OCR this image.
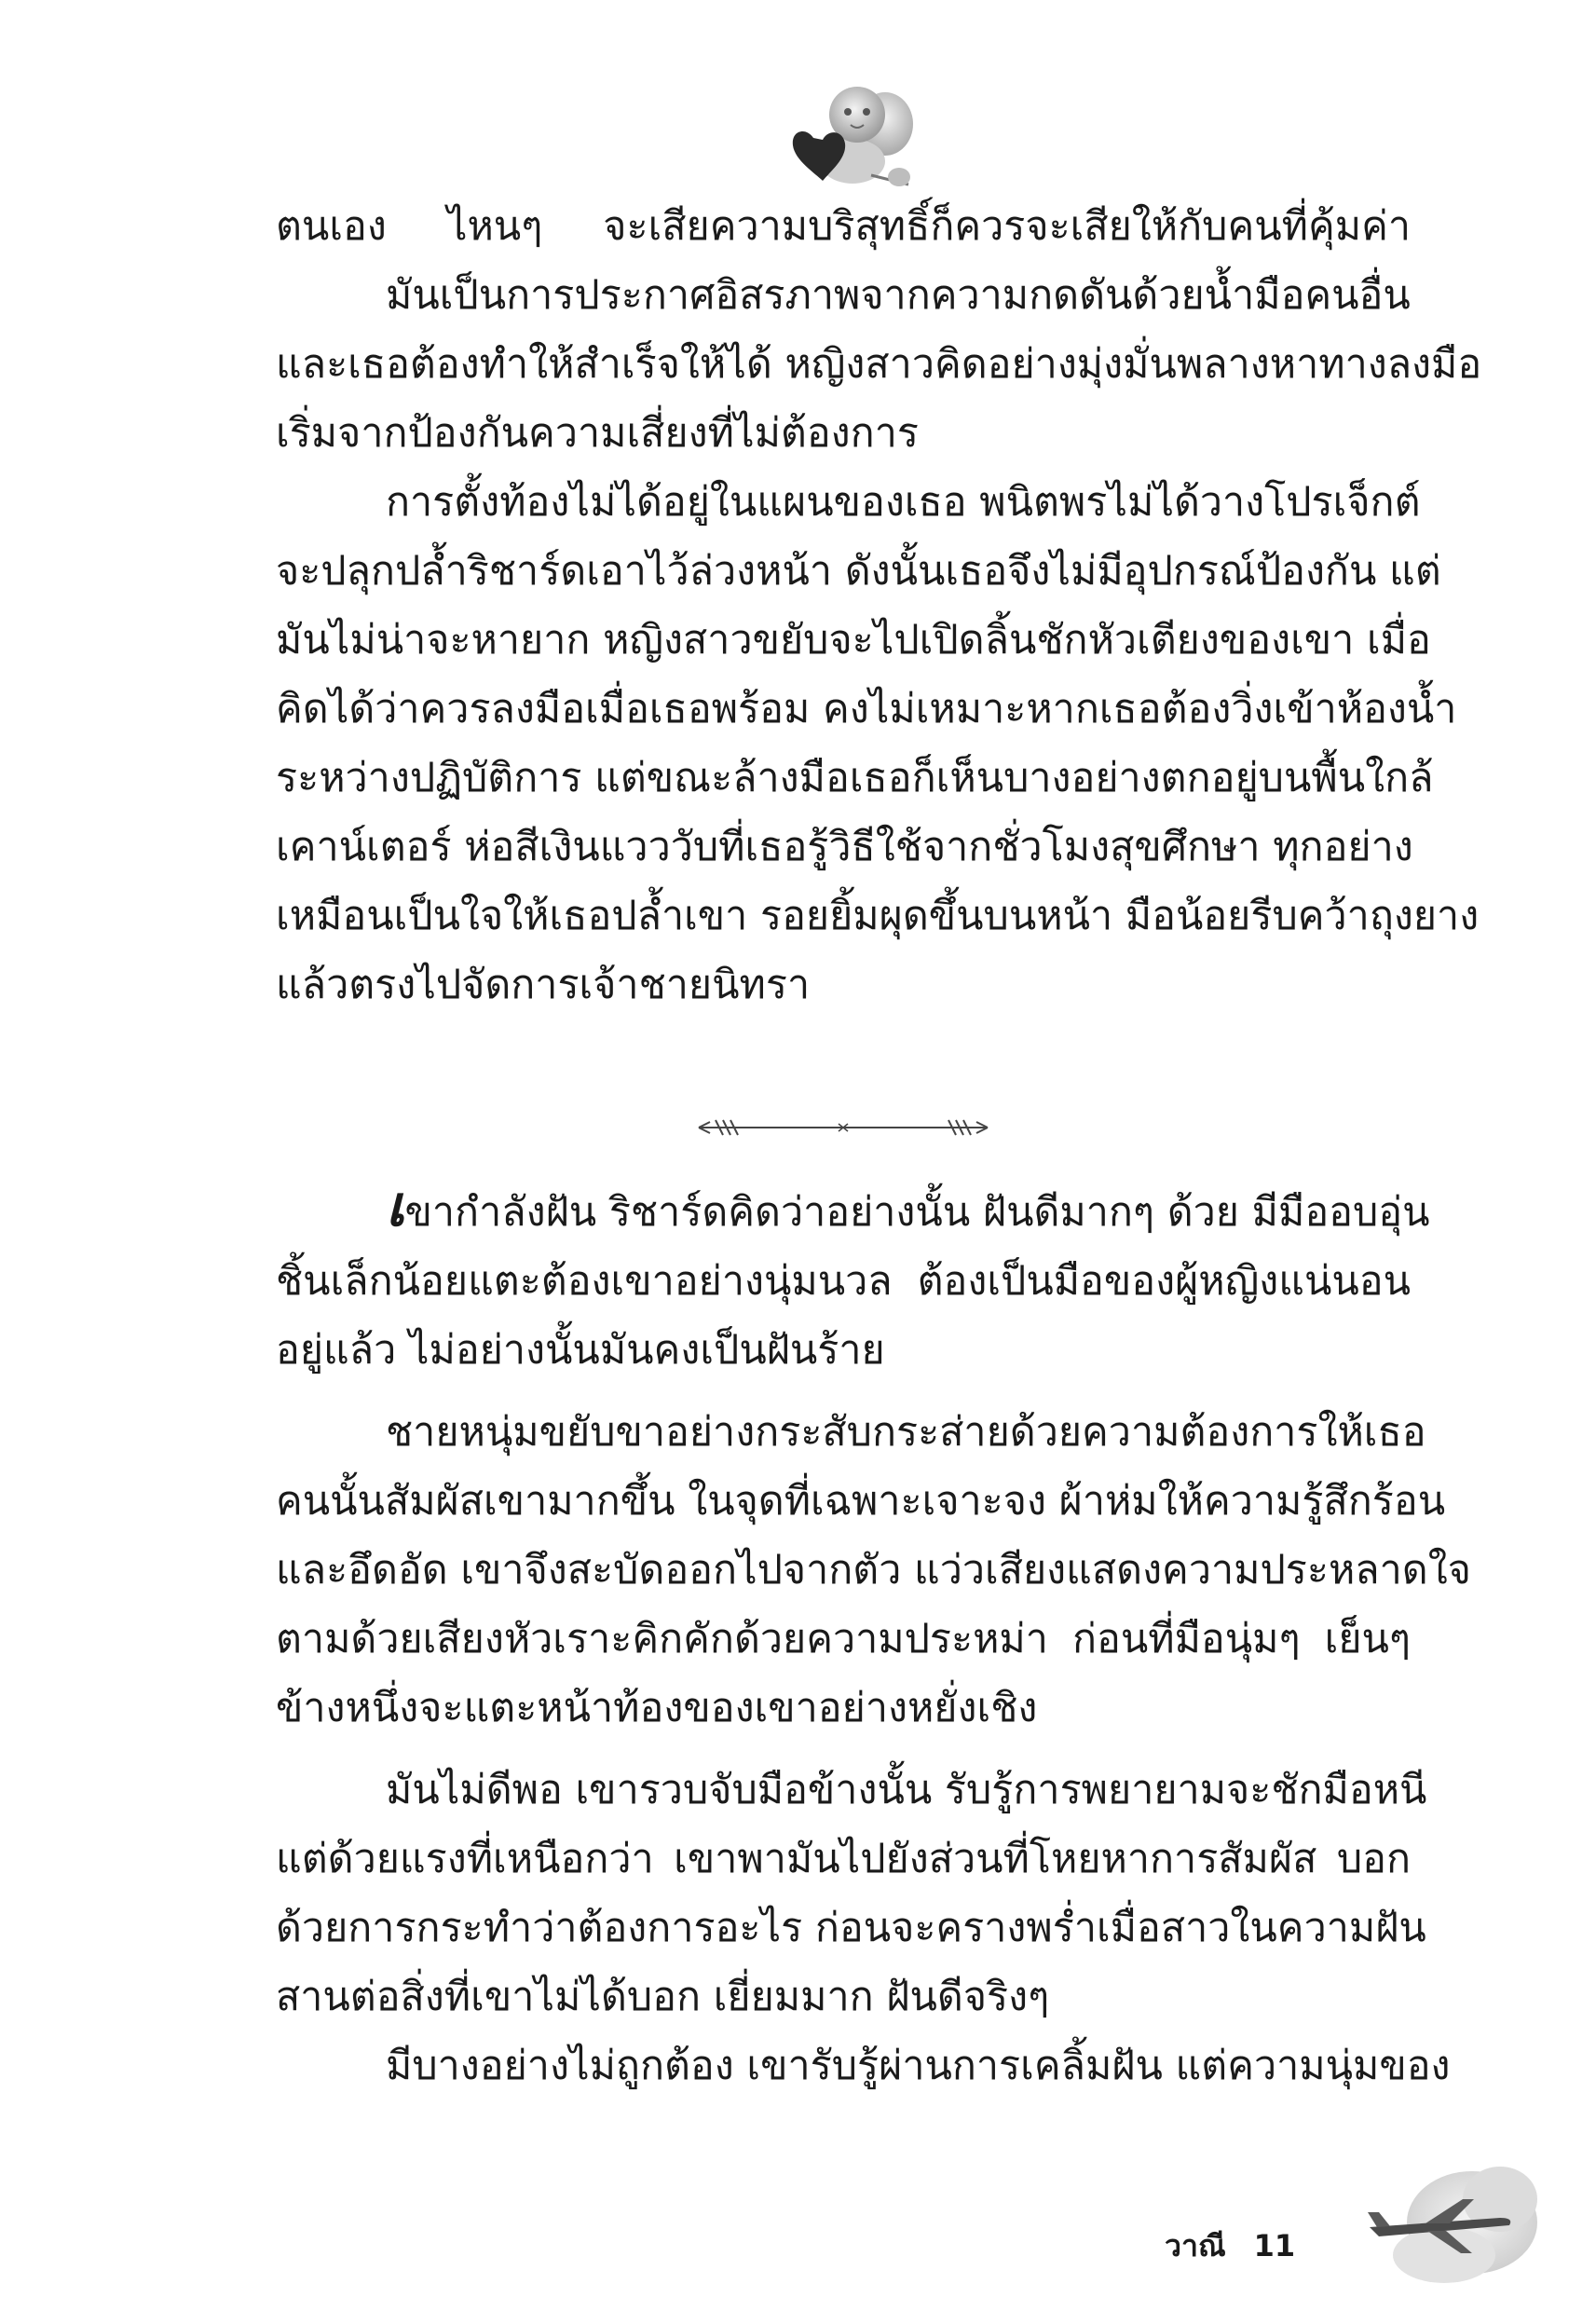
ตนเอง ไหนๆ จะเสียความบริสุทธิ์ก็ควรจะเสียให้กับคนที่คุ้มค่า
มันเป็นการประกาศอิสรภาพจากความกดดันด้วยน้ำมือคนอื่น
และเธอต้องทำให้สำเร็จให้ได้ หญิงสาวคิดอย่างมุ่งมั่นพลางหาทางลงมือ
เริ่มจากป้องกันความเสี่ยงที่ไม่ต้องการ
การตั้งท้องไม่ได้อยู่ในแผนของเธอ พนิตพรไม่ได้วางโปรเจ็กต์
จะปลุกปล้ำริชาร์ดเอาไว้ล่วงหน้า ดังนั้นเธอจึงไม่มีอุปกรณ์ป้องกัน แต่
มันไม่น่าจะหายาก หญิงสาวขยับจะไปเปิดลิ้นชักหัวเตียงของเขา เมื่อ
คิดได้ว่าควรลงมือเมื่อเธอพร้อม คงไม่เหมาะหากเธอต้องวิ่งเข้าห้องน้ำ
ระหว่างปฏิบัติการ แต่ขณะล้างมือเธอก็เห็นบางอย่างตกอยู่บนพื้นใกล้
เคาน์เตอร์ ห่อสีเงินแวววับที่เธอรู้วิธีใช้จากชั่วโมงสุขศึกษา ทุกอย่าง
เหมือนเป็นใจให้เธอปล้ำเขา รอยยิ้มผุดขึ้นบนหน้า มือน้อยรีบคว้าถุงยาง
แล้วตรงไปจัดการเจ้าชายนิทรา
เขากำลังฝัน ริชาร์ดคิดว่าอย่างนั้น ฝันดีมากๆ ด้วย มีมืออบอุ่น
ชิ้นเล็กน้อยแตะต้องเขาอย่างนุ่มนวล ต้องเป็นมือของผู้หญิงแน่นอน
อยู่แล้ว ไม่อย่างนั้นมันคงเป็นฝันร้าย
ชายหนุ่มขยับขาอย่างกระสับกระส่ายด้วยความต้องการให้เธอ
คนนั้นสัมผัสเขามากขึ้น ในจุดที่เฉพาะเจาะจง ผ้าห่มให้ความรู้สึกร้อน
และอึดอัด เขาจึงสะบัดออกไปจากตัว แว่วเสียงแสดงความประหลาดใจ
ตามด้วยเสียงหัวเราะคิกคักด้วยความประหม่า ก่อนที่มือนุ่มๆ เย็นๆ
ข้างหนึ่งจะแตะหน้าท้องของเขาอย่างหยั่งเชิง
มันไม่ดีพอ เขารวบจับมือข้างนั้น รับรู้การพยายามจะชักมือหนี
แต่ด้วยแรงที่เหนือกว่า เขาพามันไปยังส่วนที่โหยหาการสัมผัส บอก
ด้วยการกระทำว่าต้องการอะไร ก่อนจะครางพร่ำเมื่อสาวในความฝัน
สานต่อสิ่งที่เขาไม่ได้บอก เยี่ยมมาก ฝันดีจริงๆ
มีบางอย่างไม่ถูกต้อง เขารับรู้ผ่านการเคลิ้มฝัน แต่ความนุ่มของ
วาณี 11
